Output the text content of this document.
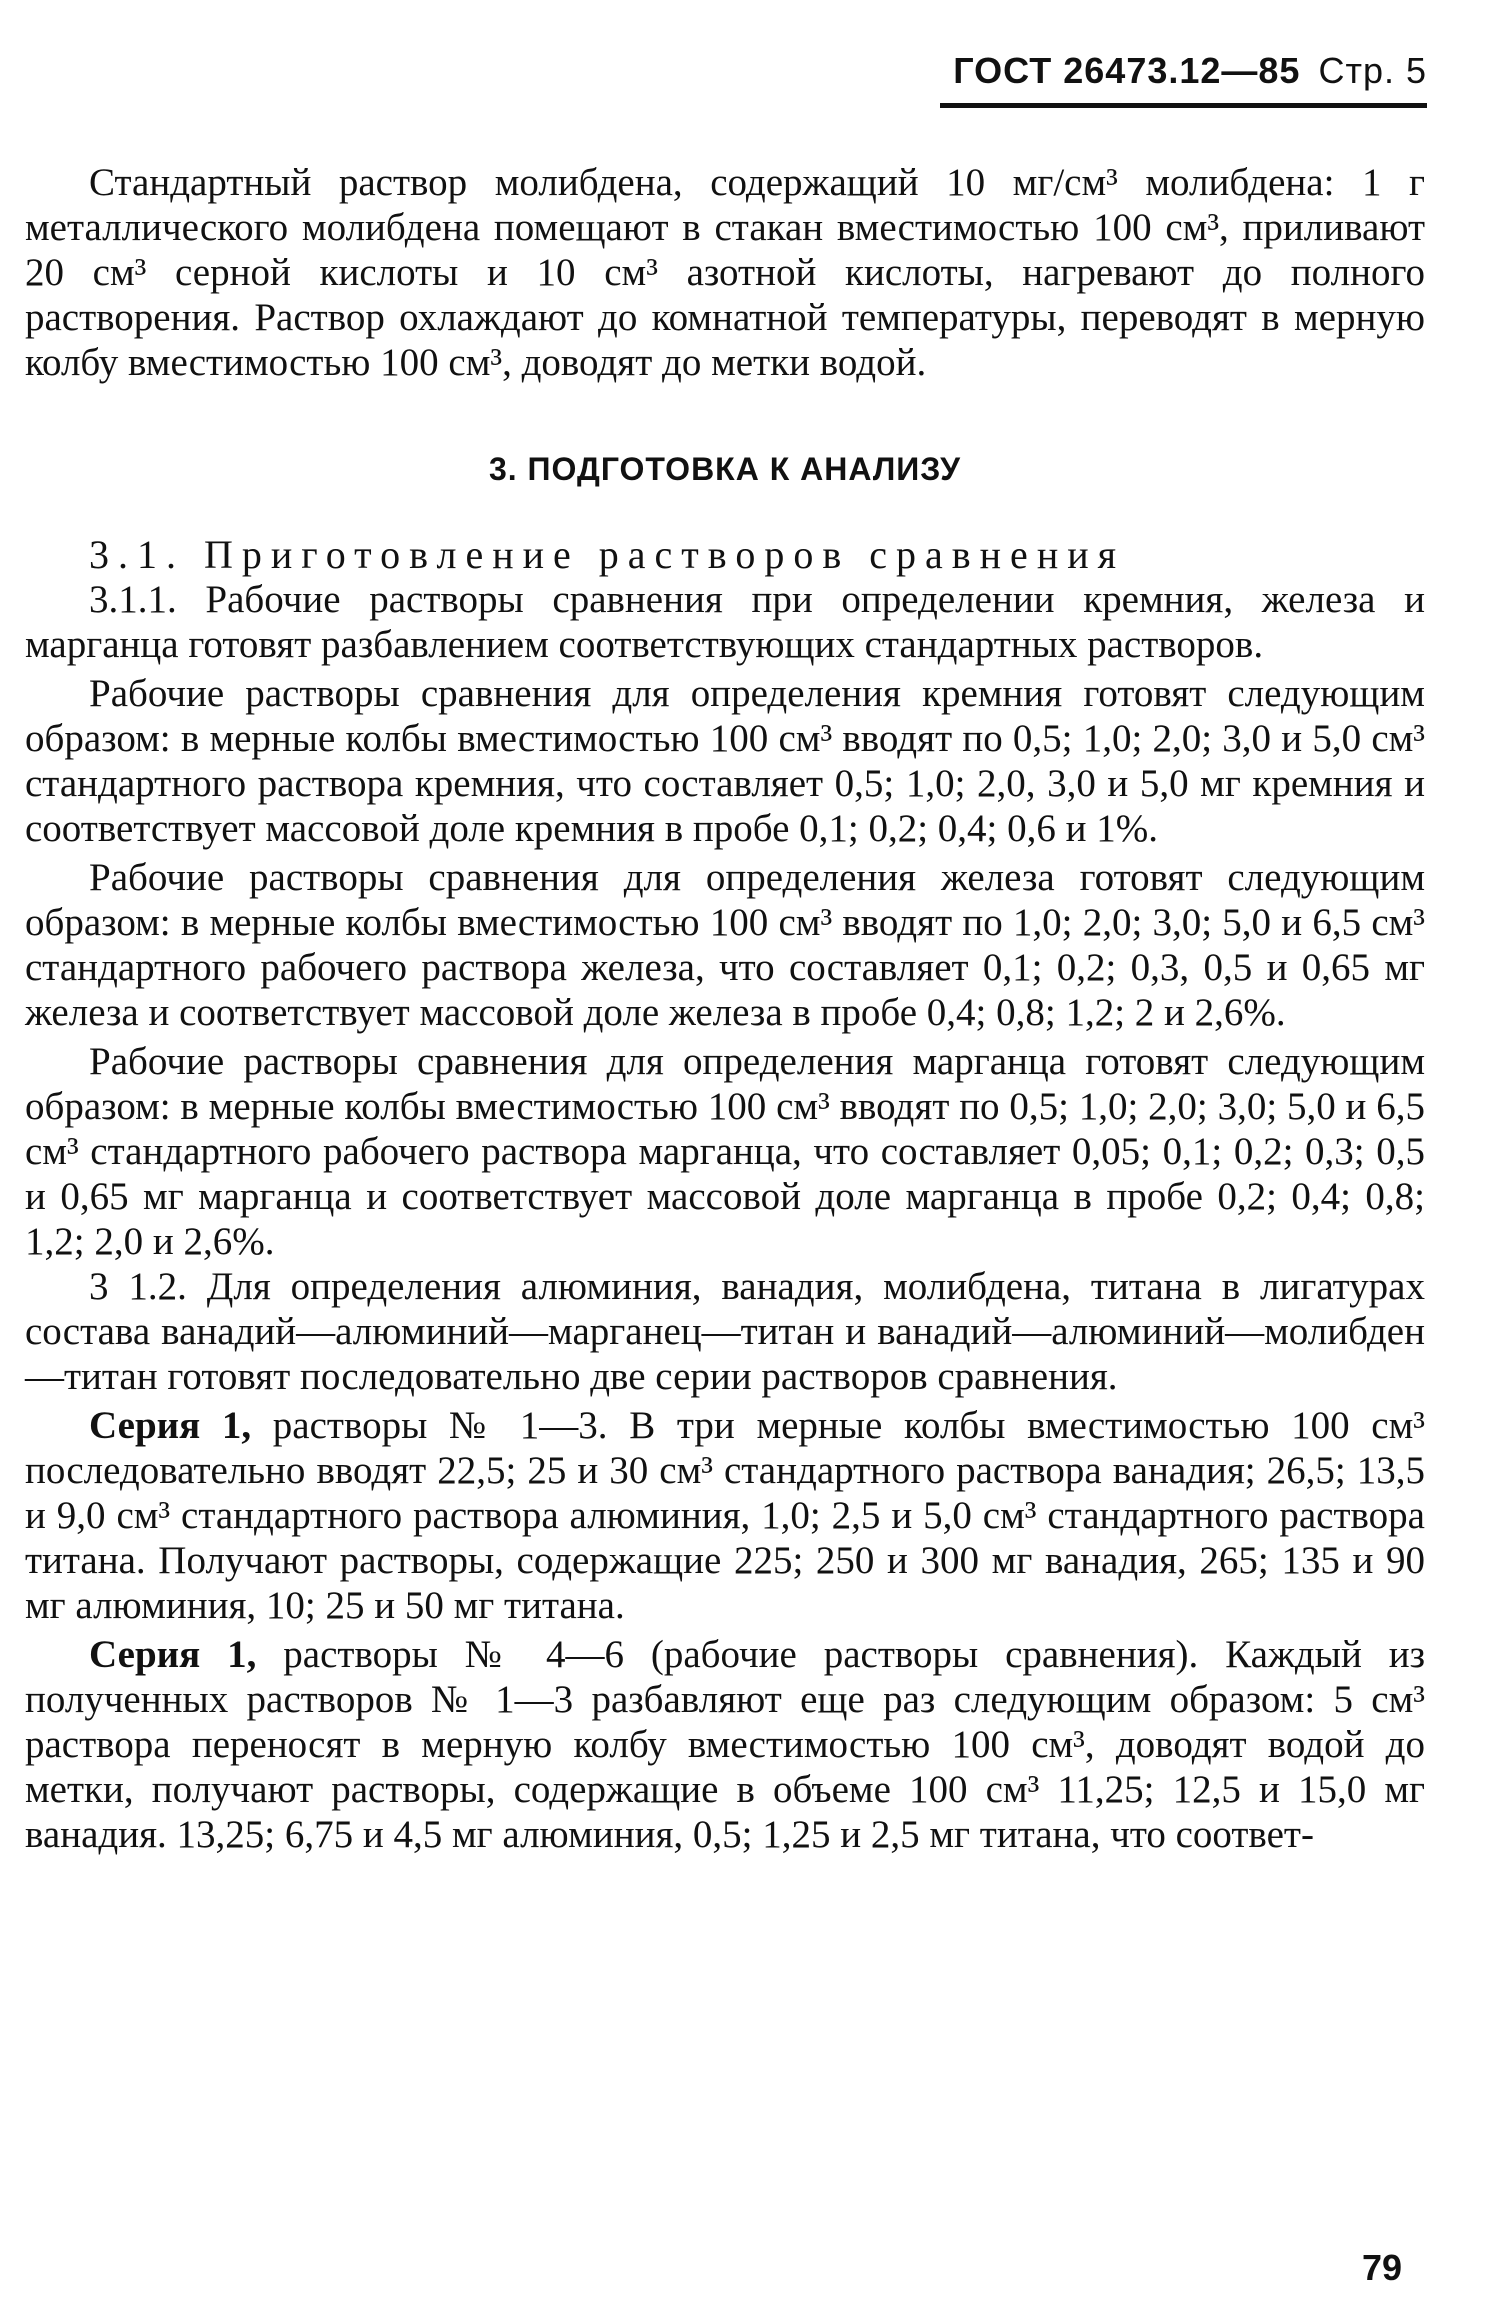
ГОСТ 26473.12—85 Стр. 5

Стандартный раствор молибдена, содержащий 10 мг/см³ молибдена: 1 г металлического молибдена помещают в стакан вместимостью 100 см³, приливают 20 см³ серной кислоты и 10 см³ азотной кислоты, нагревают до полного растворения. Раствор охлаждают до комнатной температуры, переводят в мерную колбу вместимостью 100 см³, доводят до метки водой.

3. ПОДГОТОВКА К АНАЛИЗУ

3.1. Приготовление растворов сравнения

3.1.1. Рабочие растворы сравнения при определении кремния, железа и марганца готовят разбавлением соответствующих стандартных растворов.

Рабочие растворы сравнения для определения кремния готовят следующим образом: в мерные колбы вместимостью 100 см³ вводят по 0,5; 1,0; 2,0; 3,0 и 5,0 см³ стандартного раствора кремния, что составляет 0,5; 1,0; 2,0, 3,0 и 5,0 мг кремния и соответствует массовой доле кремния в пробе 0,1; 0,2; 0,4; 0,6 и 1%.

Рабочие растворы сравнения для определения железа готовят следующим образом: в мерные колбы вместимостью 100 см³ вводят по 1,0; 2,0; 3,0; 5,0 и 6,5 см³ стандартного рабочего раствора железа, что составляет 0,1; 0,2; 0,3, 0,5 и 0,65 мг железа и соответствует массовой доле железа в пробе 0,4; 0,8; 1,2; 2 и 2,6%.

Рабочие растворы сравнения для определения марганца готовят следующим образом: в мерные колбы вместимостью 100 см³ вводят по 0,5; 1,0; 2,0; 3,0; 5,0 и 6,5 см³ стандартного рабочего раствора марганца, что составляет 0,05; 0,1; 0,2; 0,3; 0,5 и 0,65 мг марганца и соответствует массовой доле марганца в пробе 0,2; 0,4; 0,8; 1,2; 2,0 и 2,6%.

3 1.2. Для определения алюминия, ванадия, молибдена, титана в лигатурах состава ванадий—алюминий—марганец—титан и ванадий—алюминий—молибден—титан готовят последовательно две серии растворов сравнения.

Серия 1, растворы № 1—3. В три мерные колбы вместимостью 100 см³ последовательно вводят 22,5; 25 и 30 см³ стандартного раствора ванадия; 26,5; 13,5 и 9,0 см³ стандартного раствора алюминия, 1,0; 2,5 и 5,0 см³ стандартного раствора титана. Получают растворы, содержащие 225; 250 и 300 мг ванадия, 265; 135 и 90 мг алюминия, 10; 25 и 50 мг титана.

Серия 1, растворы № 4—6 (рабочие растворы сравнения). Каждый из полученных растворов № 1—3 разбавляют еще раз следующим образом: 5 см³ раствора переносят в мерную колбу вместимостью 100 см³, доводят водой до метки, получают растворы, содержащие в объеме 100 см³ 11,25; 12,5 и 15,0 мг ванадия. 13,25; 6,75 и 4,5 мг алюминия, 0,5; 1,25 и 2,5 мг титана, что соответ-

79
